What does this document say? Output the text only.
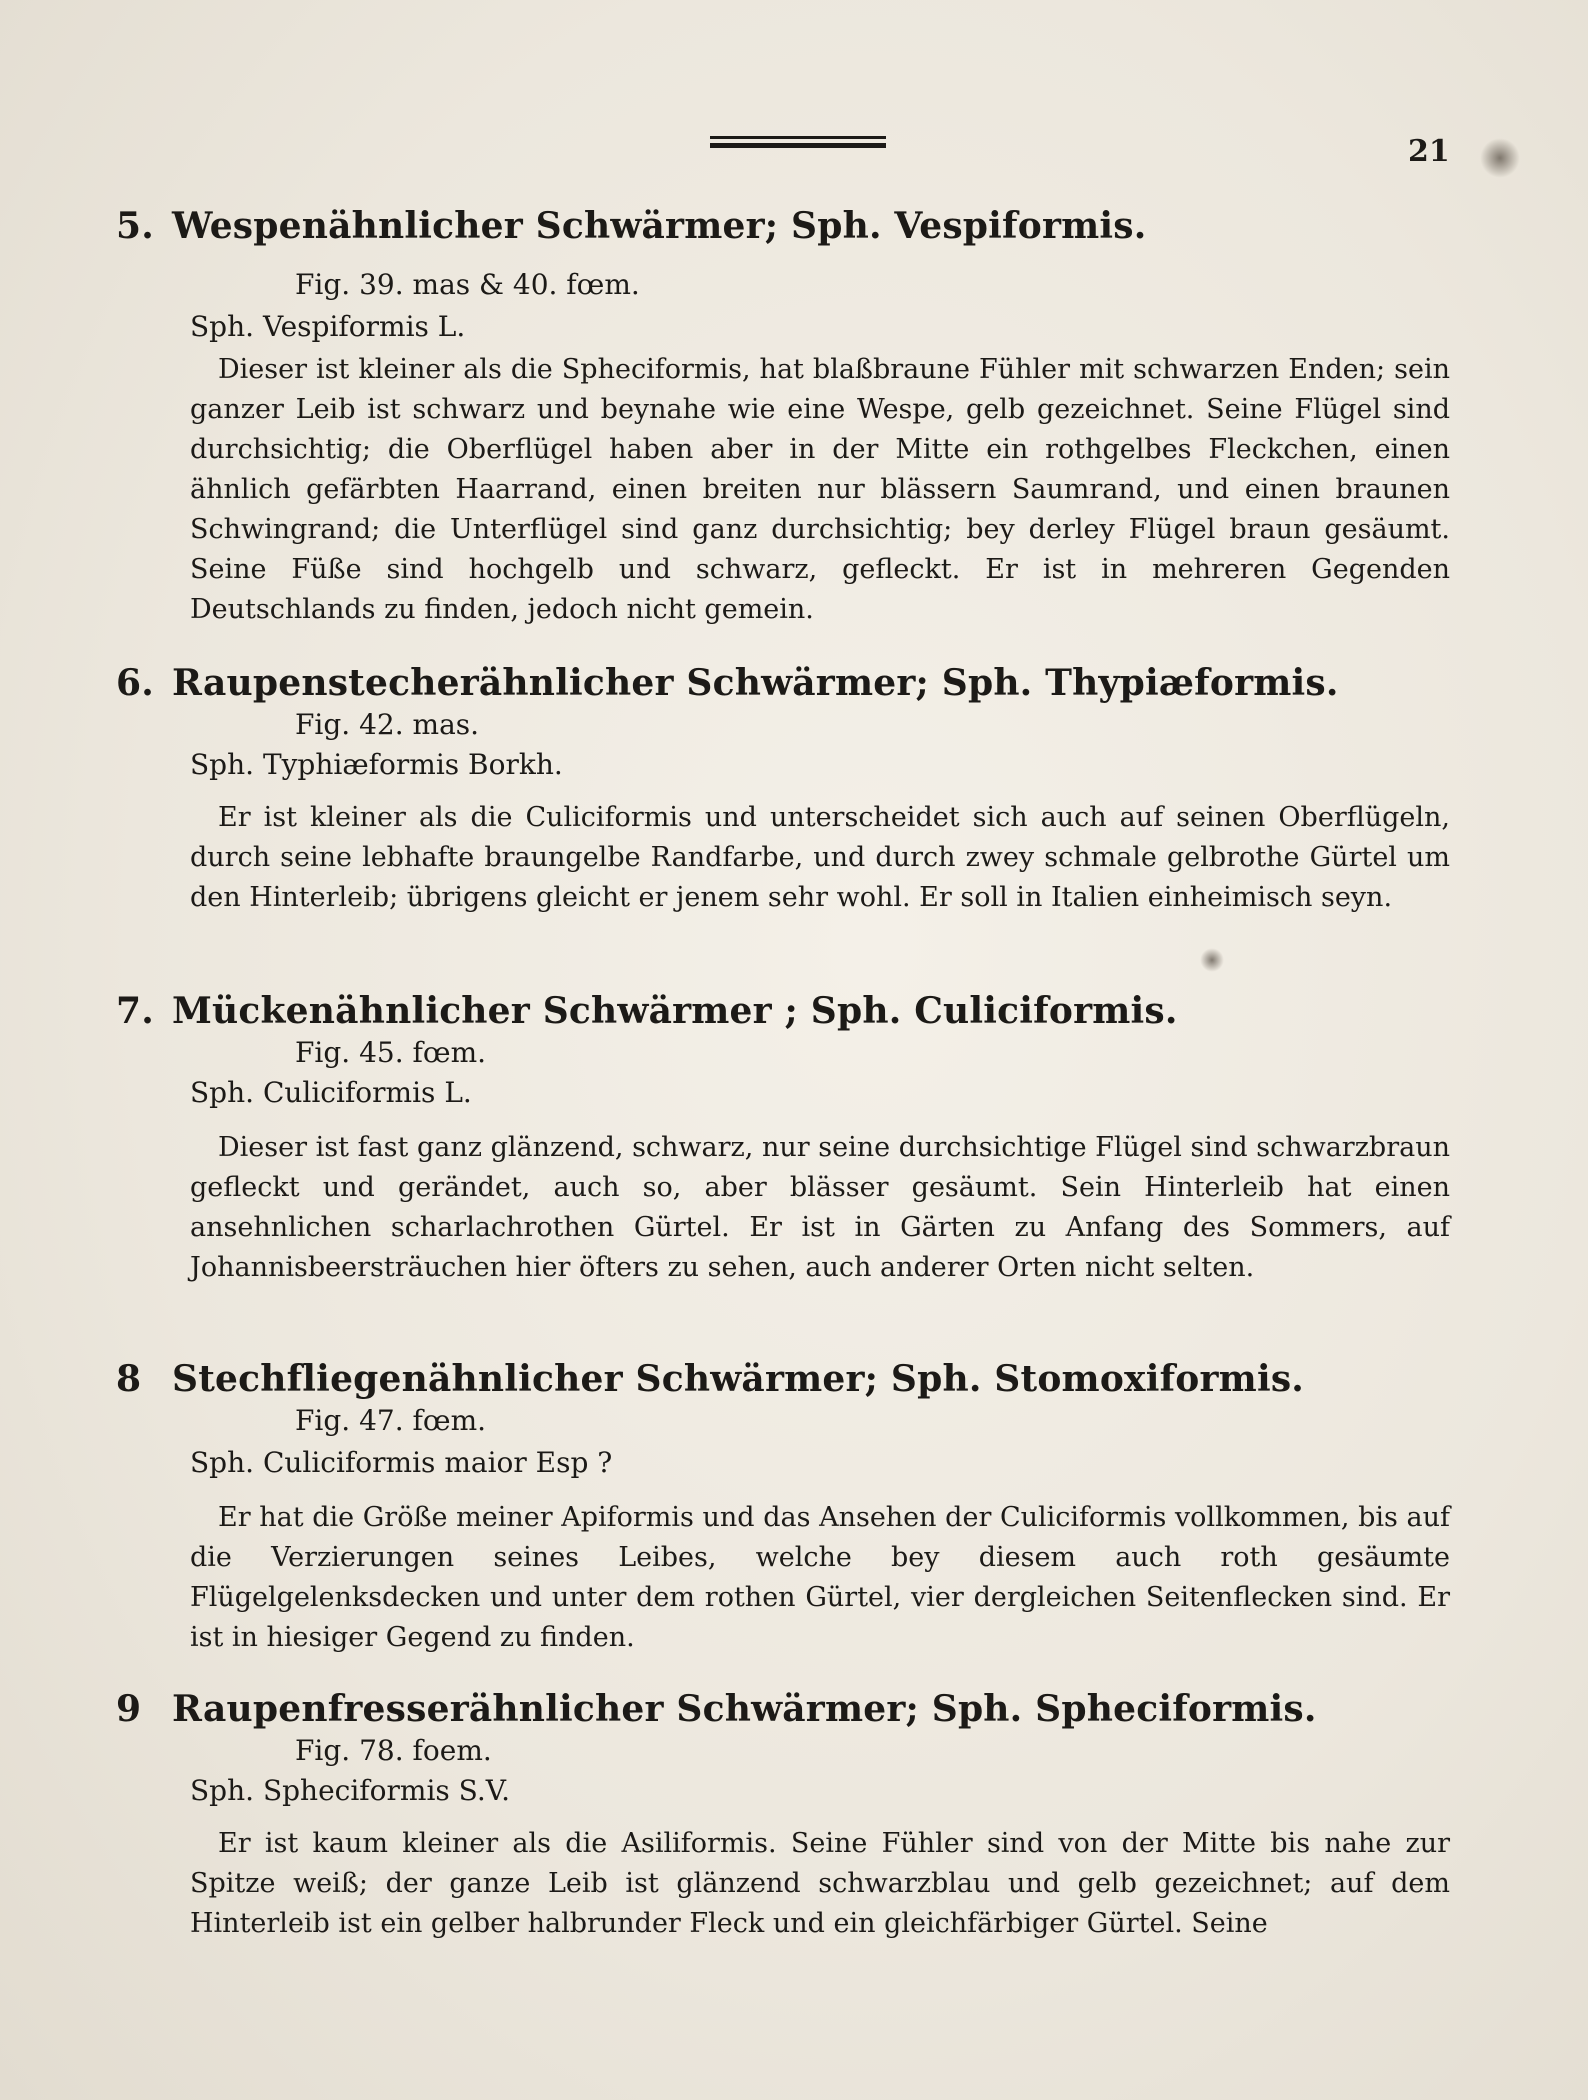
21
5. Wespenähnlicher Schwärmer; Sph. Vespiformis.
Fig. 39. mas & 40. fœm.
Sph. Vespiformis L.
Dieser ist kleiner als die Spheciformis, hat blaßbraune Fühler mit schwarzen Enden; sein ganzer Leib ist schwarz und beynahe wie eine Wespe, gelb gezeichnet. Seine Flügel sind durchsichtig; die Oberflügel haben aber in der Mitte ein rothgelbes Fleckchen, einen ähnlich gefärbten Haarrand, einen breiten nur blässern Saumrand, und einen braunen Schwingrand; die Unterflügel sind ganz durchsichtig; bey derley Flügel braun gesäumt. Seine Füße sind hochgelb und schwarz, gefleckt. Er ist in mehreren Gegenden Deutschlands zu finden, jedoch nicht gemein.
6. Raupenstecherähnlicher Schwärmer; Sph. Thypiæformis.
Fig. 42. mas.
Sph. Typhiæformis Borkh.
Er ist kleiner als die Culiciformis und unterscheidet sich auch auf seinen Oberflügeln, durch seine lebhafte braungelbe Randfarbe, und durch zwey schmale gelbrothe Gürtel um den Hinterleib; übrigens gleicht er jenem sehr wohl. Er soll in Italien einheimisch seyn.
7. Mückenähnlicher Schwärmer ; Sph. Culiciformis.
Fig. 45. fœm.
Sph. Culiciformis L.
Dieser ist fast ganz glänzend, schwarz, nur seine durchsichtige Flügel sind schwarzbraun gefleckt und gerändet, auch so, aber blässer gesäumt. Sein Hinterleib hat einen ansehnlichen scharlachrothen Gürtel. Er ist in Gärten zu Anfang des Sommers, auf Johannisbeersträuchen hier öfters zu sehen, auch anderer Orten nicht selten.
8 Stechfliegenähnlicher Schwärmer; Sph. Stomoxiformis.
Fig. 47. fœm.
Sph. Culiciformis maior Esp ?
Er hat die Größe meiner Apiformis und das Ansehen der Culiciformis vollkommen, bis auf die Verzierungen seines Leibes, welche bey diesem auch roth gesäumte Flügelgelenksdecken und unter dem rothen Gürtel, vier dergleichen Seitenflecken sind. Er ist in hiesiger Gegend zu finden.
9 Raupenfresserähnlicher Schwärmer; Sph. Spheciformis.
Fig. 78. foem.
Sph. Spheciformis S.V.
Er ist kaum kleiner als die Asiliformis. Seine Fühler sind von der Mitte bis nahe zur Spitze weiß; der ganze Leib ist glänzend schwarzblau und gelb gezeichnet; auf dem Hinterleib ist ein gelber halbrunder Fleck und ein gleichfärbiger Gürtel. Seine
